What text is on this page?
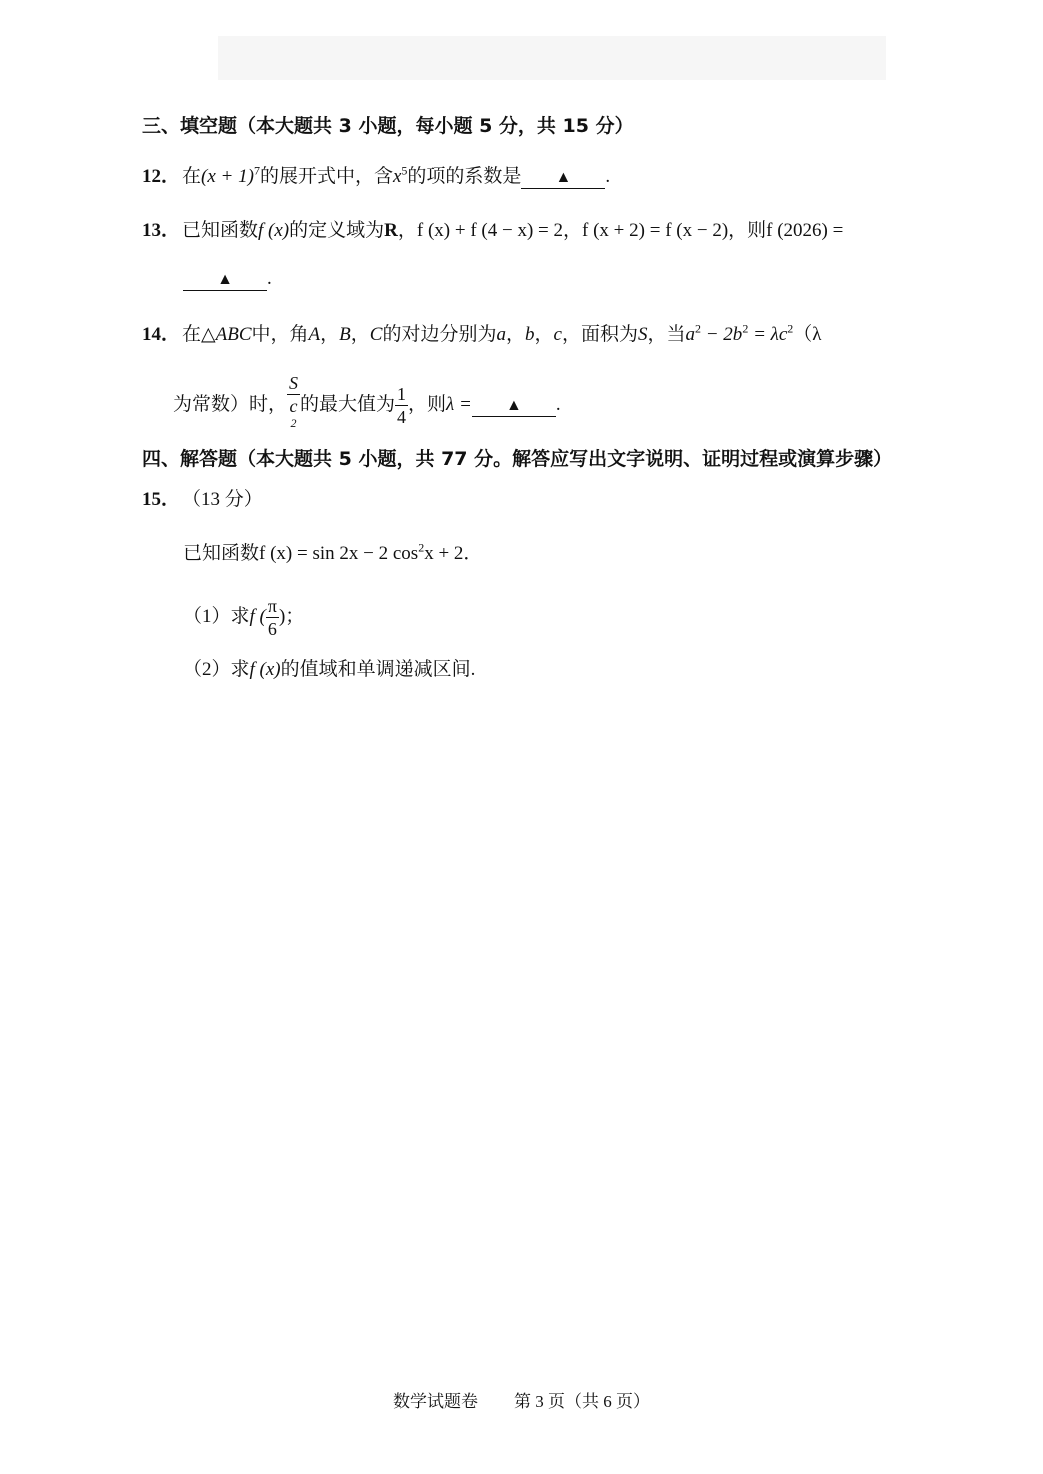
三、填空题（本大题共 3 小题，每小题 5 分，共 15 分）
12． 在$(x + 1)^7$的展开式中，含$x^5$的项的系数是 ▲ .
13． 已知函数f (x)的定义域为R，f (x) + f (4 − x) = 2，f (x + 2) = f (x − 2)，则f (2026) =
▲ .
14． 在△ABC中，角A，B，C的对边分别为a，b，c，面积为S，当$a^2 - 2b^2 = \lambda c^2(\lambda$
为常数）时， S
c
$^2$ 的最大值为 $\frac{1}{4}$ ，则λ = ▲ .
四、解答题（本大题共 5 小题，共 77 分。解答应写出文字说明、证明过程或演算步骤）
15． （13 分）
已知函数f (x) = sin 2x − 2 $\cos^2x + 2$．
（1）求f ( $\frac{\pi}{6}$ )；
（2）求f (x)的值域和单调递减区间.
数学试题卷 第 3 页（共 6 页）
